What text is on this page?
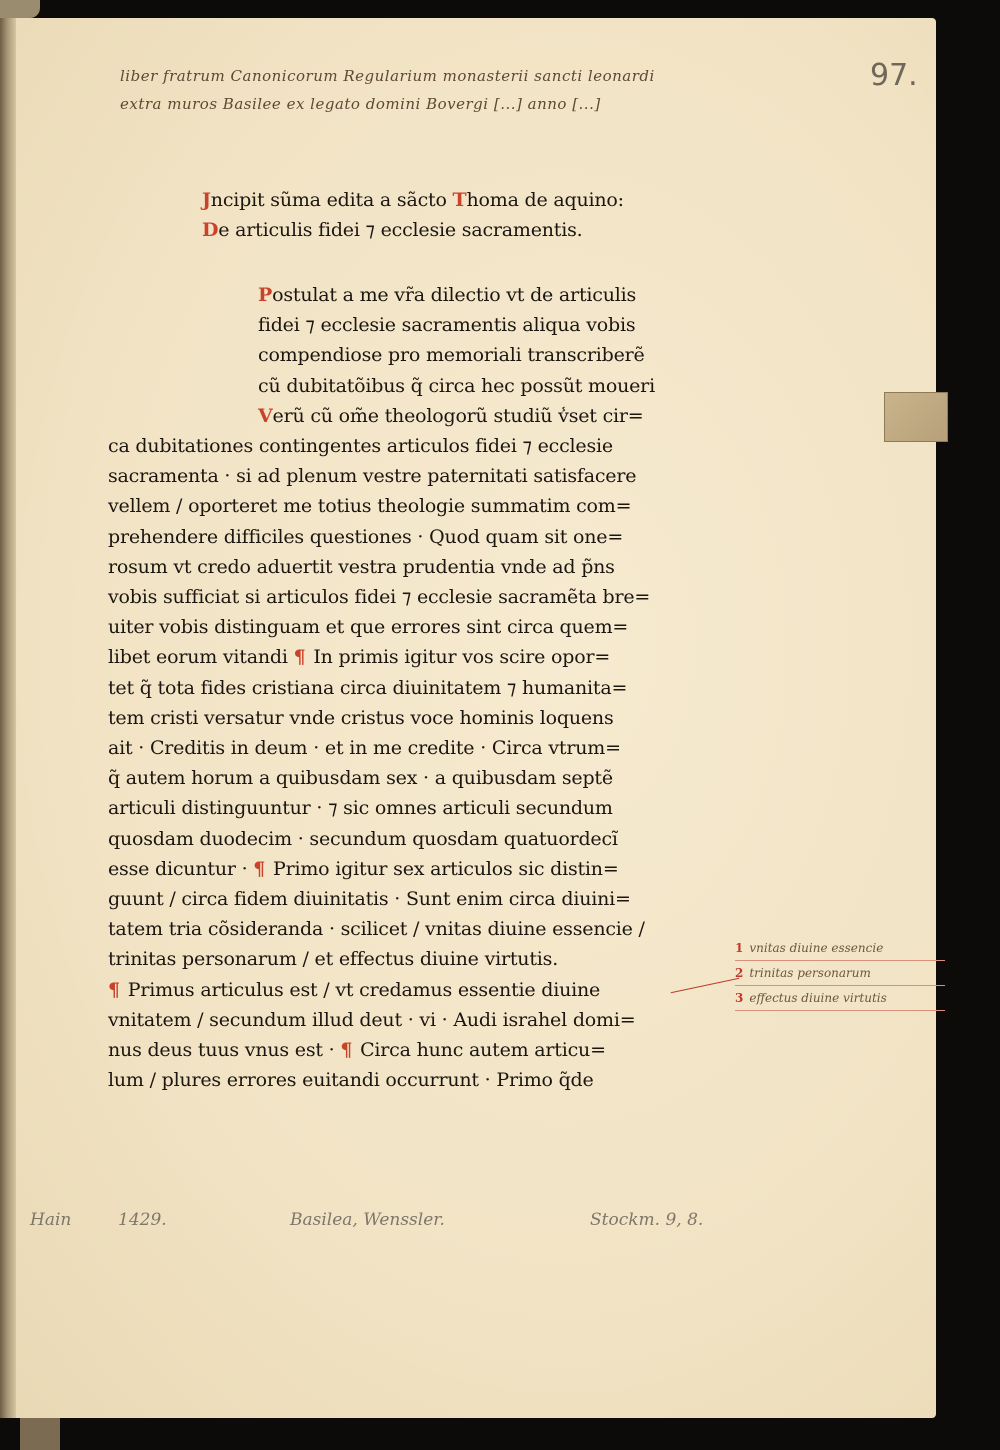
liber fratrum Canonicorum Regularium monasterii sancti leonardi
extra muros Basilee ex legato domini Bovergi [...] anno [...]
97.
Jncipit sũma edita a sãcto Thoma de aquino:
De articulis fidei ⁊ ecclesie sacramentis.
Postulat a me vr̃a dilectio vt de articulis
fidei ⁊ ecclesie sacramentis aliqua vobis
compendiose pro memoriali transcriberẽ
cũ dubitatõibus q̃ circa hec possũt moueri
Verũ cũ om̃e theologorũ studiũ v̾set cir=
ca dubitationes contingentes articulos fidei ⁊ ecclesie
sacramenta · si ad plenum vestre paternitati satisfacere
vellem / oporteret me totius theologie summatim com=
prehendere difficiles questiones · Quod quam sit one=
rosum vt credo aduertit vestra prudentia vnde ad p̃ns
vobis sufficiat si articulos fidei ⁊ ecclesie sacramẽta bre=
uiter vobis distinguam et que errores sint circa quem=
libet eorum vitandi ¶ In primis igitur vos scire opor=
tet q̃ tota fides cristiana circa diuinitatem ⁊ humanita=
tem cristi versatur vnde cristus voce hominis loquens
ait · Creditis in deum · et in me credite · Circa vtrum=
q̃ autem horum a quibusdam sex · a quibusdam septẽ
articuli distinguuntur · ⁊ sic omnes articuli secundum
quosdam duodecim · secundum quosdam quatuordecĩ
esse dicuntur · ¶ Primo igitur sex articulos sic distin=
guunt / circa fidem diuinitatis · Sunt enim circa diuini=
tatem tria cõsideranda · scilicet / vnitas diuine essencie /
trinitas personarum / et effectus diuine virtutis.
¶ Primus articulus est / vt credamus essentie diuine
vnitatem / secundum illud deut · vi · Audi israhel domi=
nus deus tuus vnus est · ¶ Circa hunc autem articu=
lum / plures errores euitandi occurrunt · Primo q̃de
1 vnitas diuine essencie
2 trinitas personarum
3 effectus diuine virtutis
Hain	1429.	Basilea, Wenssler.	Stockm. 9, 8.
